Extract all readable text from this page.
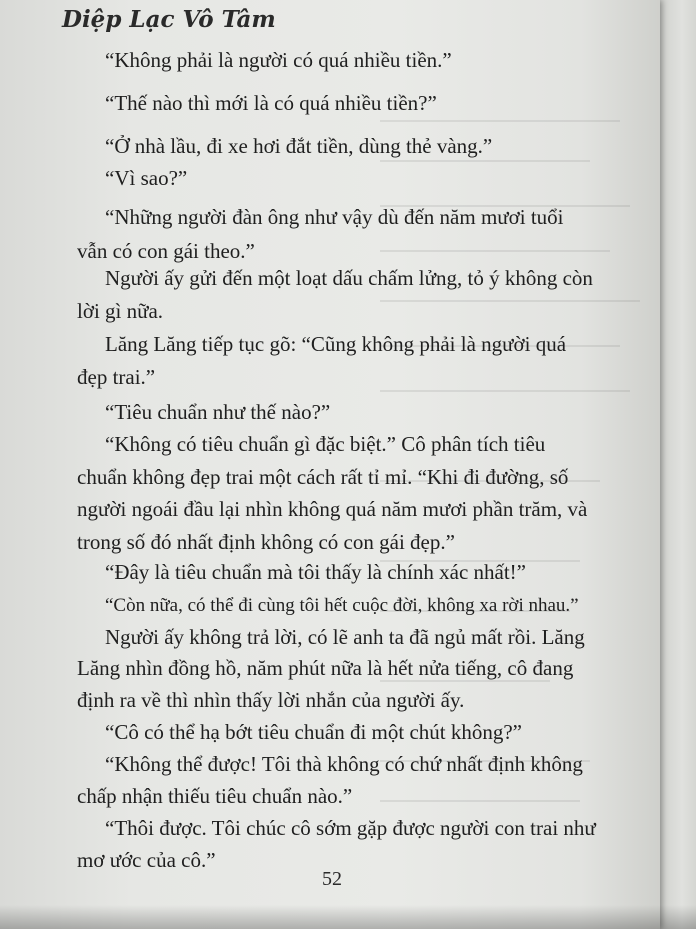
Diệp Lạc Vô Tâm
“Không phải là người có quá nhiều tiền.”
“Thế nào thì mới là có quá nhiều tiền?”
“Ở nhà lầu, đi xe hơi đắt tiền, dùng thẻ vàng.”
“Vì sao?”
“Những người đàn ông như vậy dù đến năm mươi tuổi
vẫn có con gái theo.”
Người ấy gửi đến một loạt dấu chấm lửng, tỏ ý không còn
lời gì nữa.
Lăng Lăng tiếp tục gõ: “Cũng không phải là người quá
đẹp trai.”
“Tiêu chuẩn như thế nào?”
“Không có tiêu chuẩn gì đặc biệt.” Cô phân tích tiêu
chuẩn không đẹp trai một cách rất tỉ mỉ. “Khi đi đường, số
người ngoái đầu lại nhìn không quá năm mươi phần trăm, và
trong số đó nhất định không có con gái đẹp.”
“Đây là tiêu chuẩn mà tôi thấy là chính xác nhất!”
“Còn nữa, có thể đi cùng tôi hết cuộc đời, không xa rời nhau.”
Người ấy không trả lời, có lẽ anh ta đã ngủ mất rồi. Lăng
Lăng nhìn đồng hồ, năm phút nữa là hết nửa tiếng, cô đang
định ra về thì nhìn thấy lời nhắn của người ấy.
“Cô có thể hạ bớt tiêu chuẩn đi một chút không?”
“Không thể được! Tôi thà không có chứ nhất định không
chấp nhận thiếu tiêu chuẩn nào.”
“Thôi được. Tôi chúc cô sớm gặp được người con trai như
mơ ước của cô.”
52
